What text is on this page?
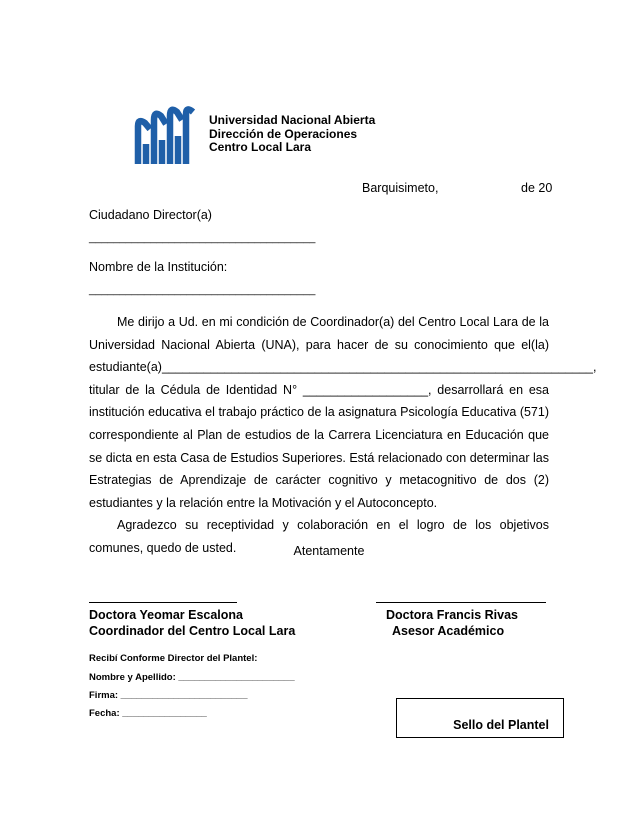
Universidad Nacional Abierta
Dirección de Operaciones
Centro Local Lara
Barquisimeto,	de 20
Ciudadano Director(a)
_____________________________________
Nombre de la Institución:
_____________________________________

Me dirijo a Ud. en mi condición de Coordinador(a) del Centro Local Lara de la Universidad Nacional Abierta (UNA), para hacer de su conocimiento que el(la) estudiante(a)______________________________________________________________, titular de la Cédula de Identidad N° __________________, desarrollará en esa institución educativa el trabajo práctico de la asignatura Psicología Educativa (571) correspondiente al Plan de estudios de la Carrera Licenciatura en Educación que se dicta en esta Casa de Estudios Superiores. Está relacionado con determinar las Estrategias de Aprendizaje de carácter cognitivo y metacognitivo de dos (2) estudiantes y la relación entre la Motivación y el Autoconcepto.

Agradezco su receptividad y colaboración en el logro de los objetivos comunes, quedo de usted.	Atentamente
Doctora Yeomar Escalona
Coordinador del Centro Local Lara
Doctora Francis Rivas
Asesor Académico
Recibí Conforme Director del Plantel:
Nombre y Apellido: ______________________
Firma: ________________________
Fecha: ________________
Sello del Plantel
